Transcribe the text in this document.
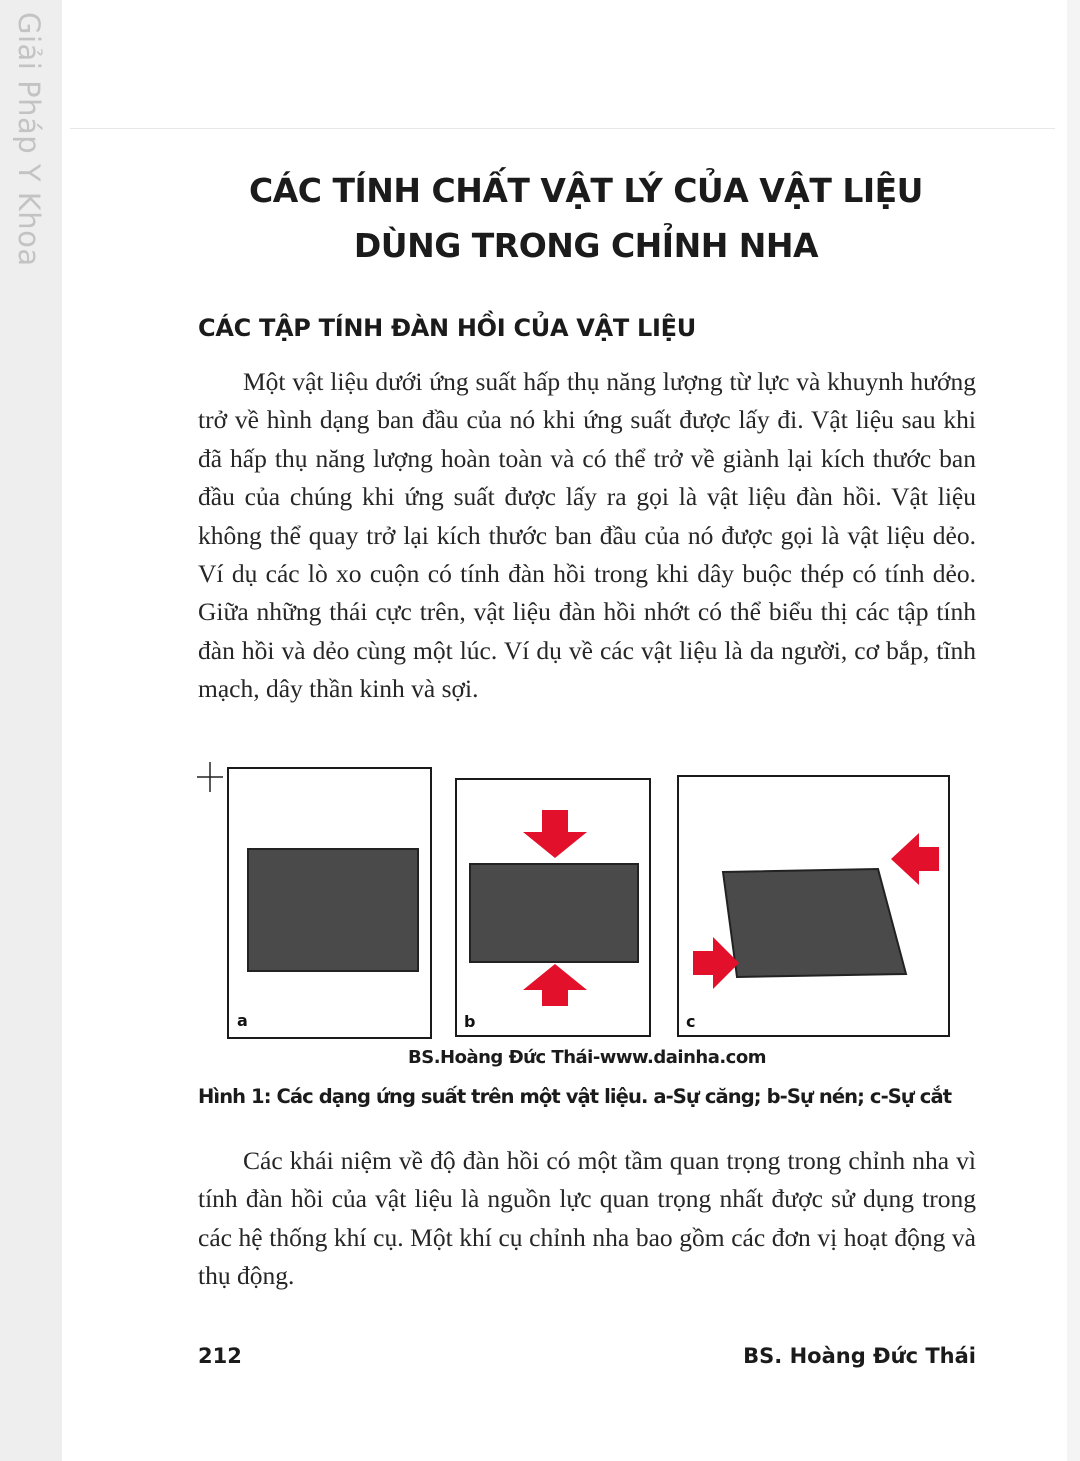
Giải Pháp Y Khoa	CÁC TÍNH CHẤT VẬT LÝ CỦA VẬT LIỆU
DÙNG TRONG CHỈNH NHA
CÁC TẬP TÍNH ĐÀN HỒI CỦA VẬT LIỆU

Một vật liệu dưới ứng suất hấp thụ năng lượng từ lực và khuynh hướng trở về hình dạng ban đầu của nó khi ứng suất được lấy đi. Vật liệu sau khi đã hấp thụ năng lượng hoàn toàn và có thể trở về giành lại kích thước ban đầu của chúng khi ứng suất được lấy ra gọi là vật liệu đàn hồi. Vật liệu không thể quay trở lại kích thước ban đầu của nó được gọi là vật liệu dẻo. Ví dụ các lò xo cuộn có tính đàn hồi trong khi dây buộc thép có tính dẻo. Giữa những thái cực trên, vật liệu đàn hồi nhớt có thể biểu thị các tập tính đàn hồi và dẻo cùng một lúc. Ví dụ về các vật liệu là da người, cơ bắp, tĩnh mạch, dây thần kinh và sợi.

a	b	c

BS.Hoàng Đức Thái-www.dainha.com

Hình 1: Các dạng ứng suất trên một vật liệu. a-Sự căng; b-Sự nén; c-Sự cắt

Các khái niệm về độ đàn hồi có một tầm quan trọng trong chỉnh nha vì tính đàn hồi của vật liệu là nguồn lực quan trọng nhất được sử dụng trong các hệ thống khí cụ. Một khí cụ chỉnh nha bao gồm các đơn vị hoạt động và thụ động.

212	BS. Hoàng Đức Thái
